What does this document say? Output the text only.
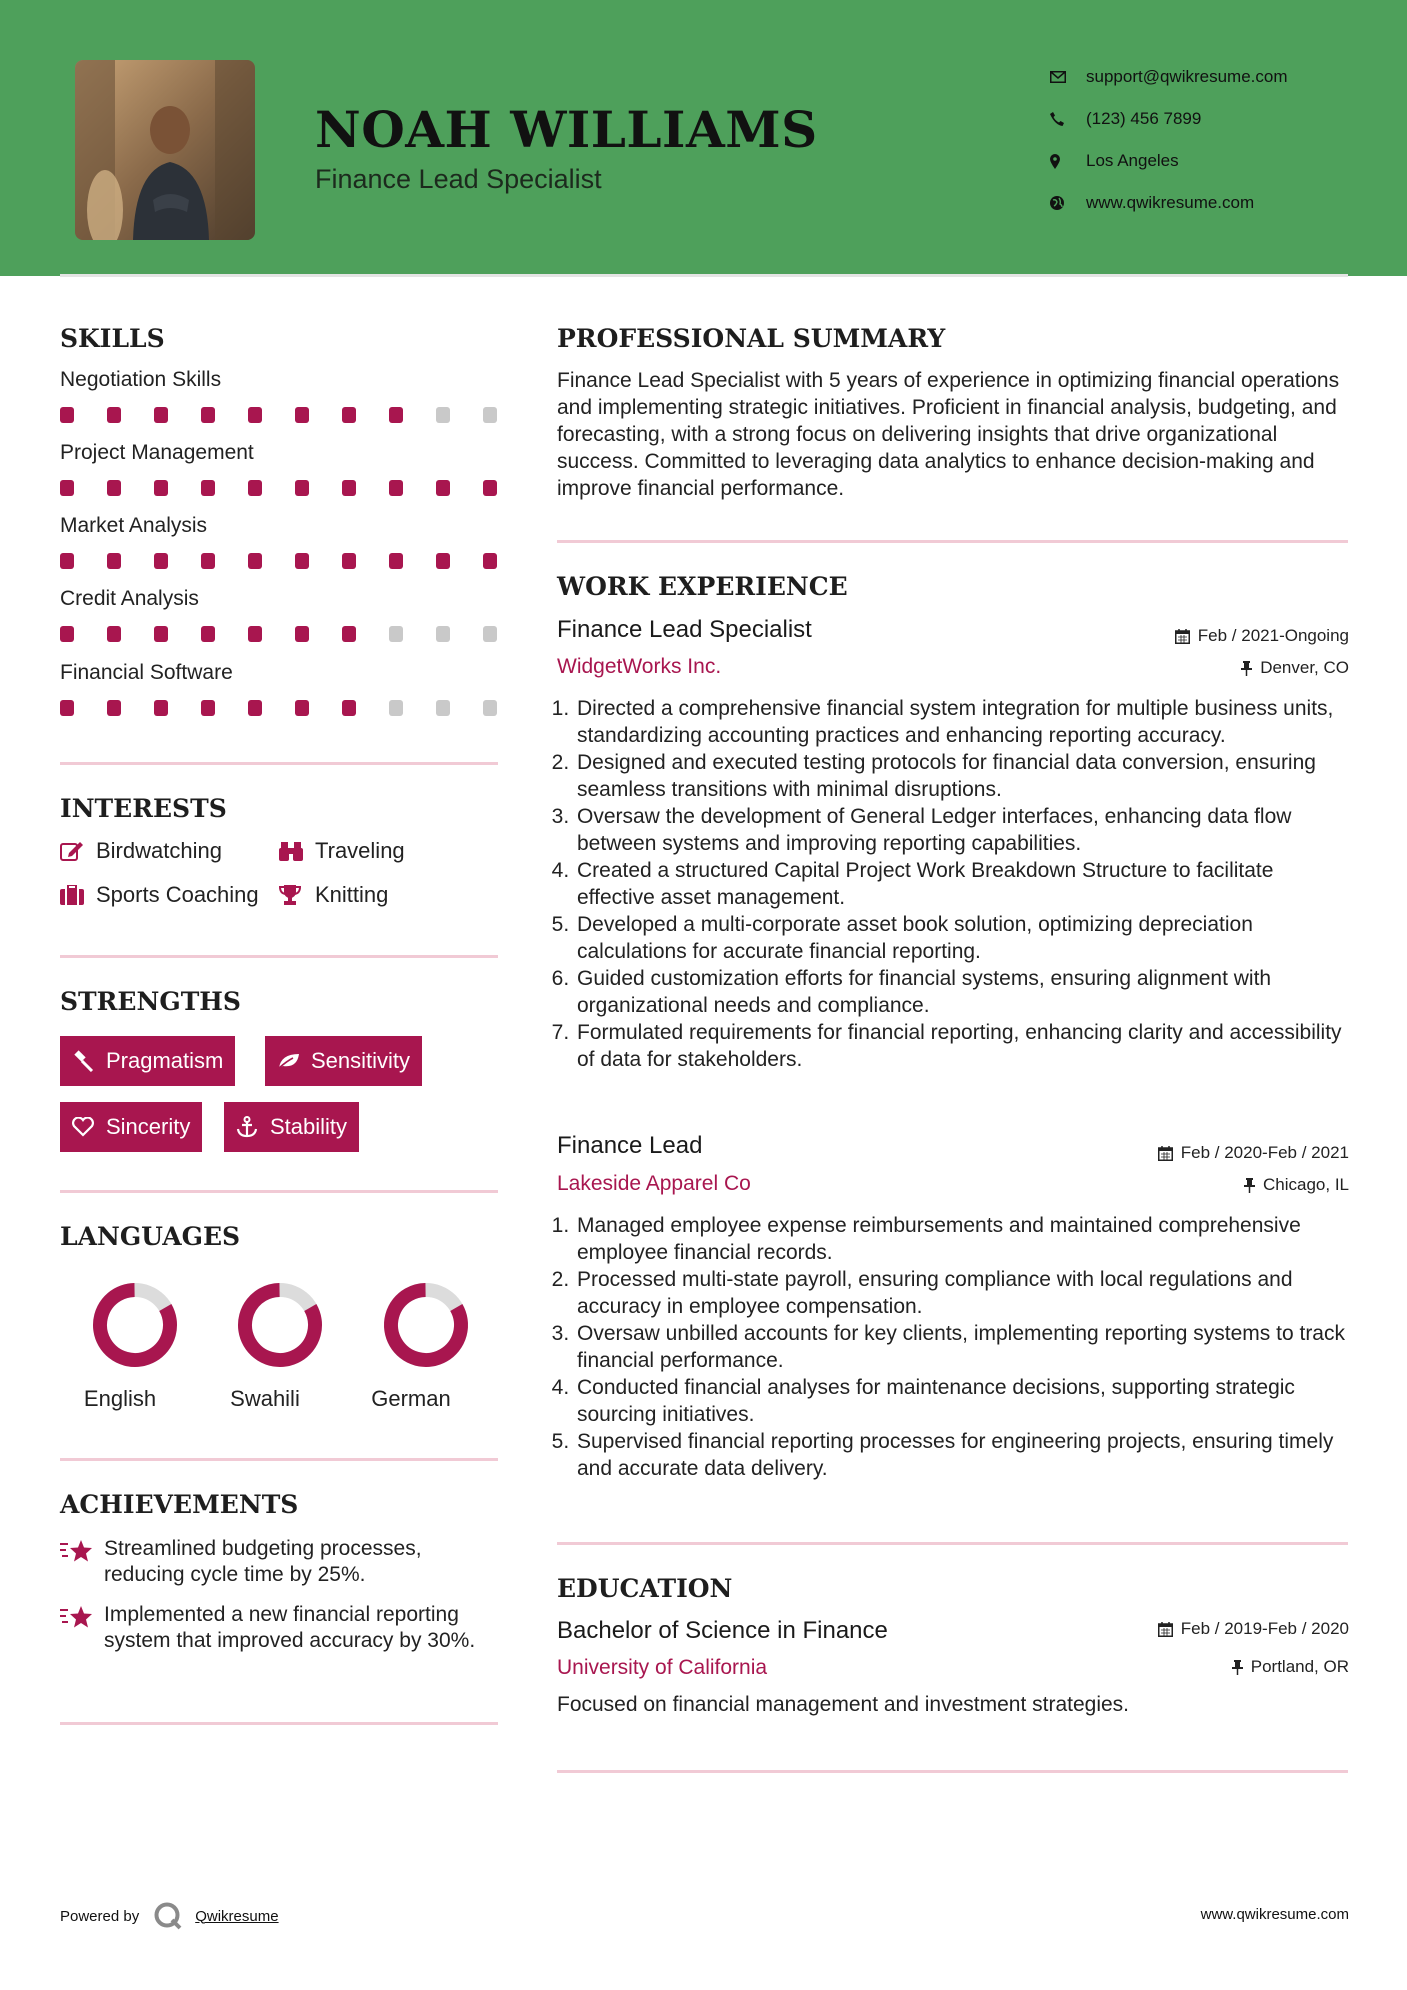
NOAH WILLIAMS
Finance Lead Specialist
support@qwikresume.com
(123) 456 7899
Los Angeles
www.qwikresume.com
SKILLS
Negotiation Skills
Project Management
Market Analysis
Credit Analysis
Financial Software
INTERESTS
Birdwatching	Traveling
Sports Coaching	Knitting
STRENGTHS
Pragmatism	Sensitivity
Sincerity	Stability
LANGUAGES
English	Swahili	German
ACHIEVEMENTS
Streamlined budgeting processes, reducing cycle time by 25%.
Implemented a new financial reporting system that improved accuracy by 30%.
PROFESSIONAL SUMMARY
Finance Lead Specialist with 5 years of experience in optimizing financial operations and implementing strategic initiatives. Proficient in financial analysis, budgeting, and forecasting, with a strong focus on delivering insights that drive organizational success. Committed to leveraging data analytics to enhance decision-making and improve financial performance.
WORK EXPERIENCE
Finance Lead Specialist	Feb / 2021-Ongoing
WidgetWorks Inc.	Denver, CO
1. Directed a comprehensive financial system integration for multiple business units, standardizing accounting practices and enhancing reporting accuracy.
2. Designed and executed testing protocols for financial data conversion, ensuring seamless transitions with minimal disruptions.
3. Oversaw the development of General Ledger interfaces, enhancing data flow between systems and improving reporting capabilities.
4. Created a structured Capital Project Work Breakdown Structure to facilitate effective asset management.
5. Developed a multi-corporate asset book solution, optimizing depreciation calculations for accurate financial reporting.
6. Guided customization efforts for financial systems, ensuring alignment with organizational needs and compliance.
7. Formulated requirements for financial reporting, enhancing clarity and accessibility of data for stakeholders.
Finance Lead	Feb / 2020-Feb / 2021
Lakeside Apparel Co	Chicago, IL
1. Managed employee expense reimbursements and maintained comprehensive employee financial records.
2. Processed multi-state payroll, ensuring compliance with local regulations and accuracy in employee compensation.
3. Oversaw unbilled accounts for key clients, implementing reporting systems to track financial performance.
4. Conducted financial analyses for maintenance decisions, supporting strategic sourcing initiatives.
5. Supervised financial reporting processes for engineering projects, ensuring timely and accurate data delivery.
EDUCATION
Bachelor of Science in Finance	Feb / 2019-Feb / 2020
University of California	Portland, OR
Focused on financial management and investment strategies.
Powered by	Qwikresume	www.qwikresume.com
